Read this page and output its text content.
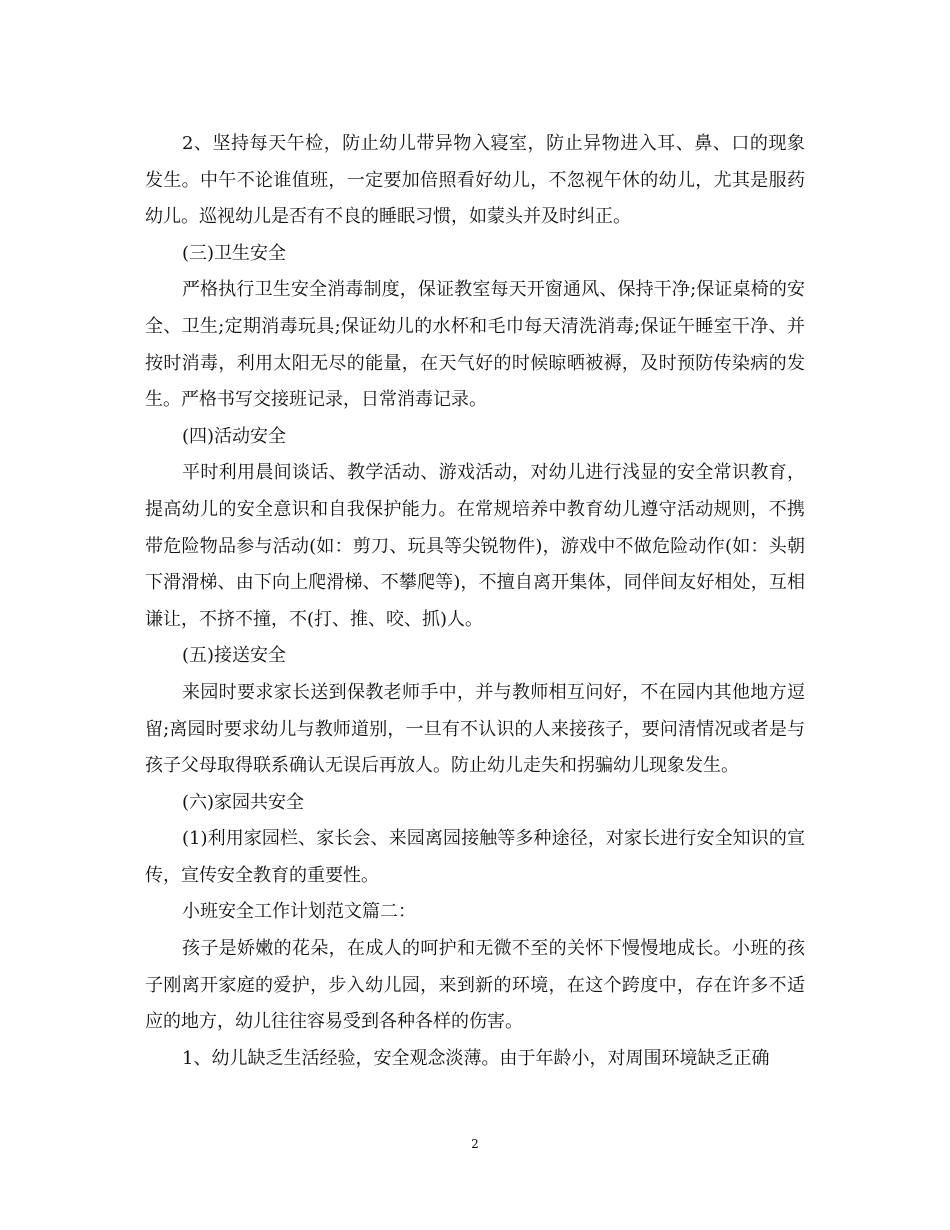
2、坚持每天午检，防止幼儿带异物入寝室，防止异物进入耳、鼻、口的现象发生。中午不论谁值班，一定要加倍照看好幼儿，不忽视午休的幼儿，尤其是服药幼儿。巡视幼儿是否有不良的睡眠习惯，如蒙头并及时纠正。

(三)卫生安全

严格执行卫生安全消毒制度，保证教室每天开窗通风、保持干净;保证桌椅的安全、卫生;定期消毒玩具;保证幼儿的水杯和毛巾每天清洗消毒;保证午睡室干净、并按时消毒，利用太阳无尽的能量，在天气好的时候晾晒被褥，及时预防传染病的发生。严格书写交接班记录，日常消毒记录。

(四)活动安全

平时利用晨间谈话、教学活动、游戏活动，对幼儿进行浅显的安全常识教育，提高幼儿的安全意识和自我保护能力。在常规培养中教育幼儿遵守活动规则，不携带危险物品参与活动(如：剪刀、玩具等尖锐物件)，游戏中不做危险动作(如：头朝下滑滑梯、由下向上爬滑梯、不攀爬等)，不擅自离开集体，同伴间友好相处，互相谦让，不挤不撞，不(打、推、咬、抓)人。

(五)接送安全

来园时要求家长送到保教老师手中，并与教师相互问好，不在园内其他地方逗留;离园时要求幼儿与教师道别，一旦有不认识的人来接孩子，要问清情况或者是与孩子父母取得联系确认无误后再放人。防止幼儿走失和拐骗幼儿现象发生。

(六)家园共安全

(1)利用家园栏、家长会、来园离园接触等多种途径，对家长进行安全知识的宣传，宣传安全教育的重要性。

小班安全工作计划范文篇二：

孩子是娇嫩的花朵，在成人的呵护和无微不至的关怀下慢慢地成长。小班的孩子刚离开家庭的爱护，步入幼儿园，来到新的环境，在这个跨度中，存在许多不适应的地方，幼儿往往容易受到各种各样的伤害。

1、幼儿缺乏生活经验，安全观念淡薄。由于年龄小，对周围环境缺乏正确

2
